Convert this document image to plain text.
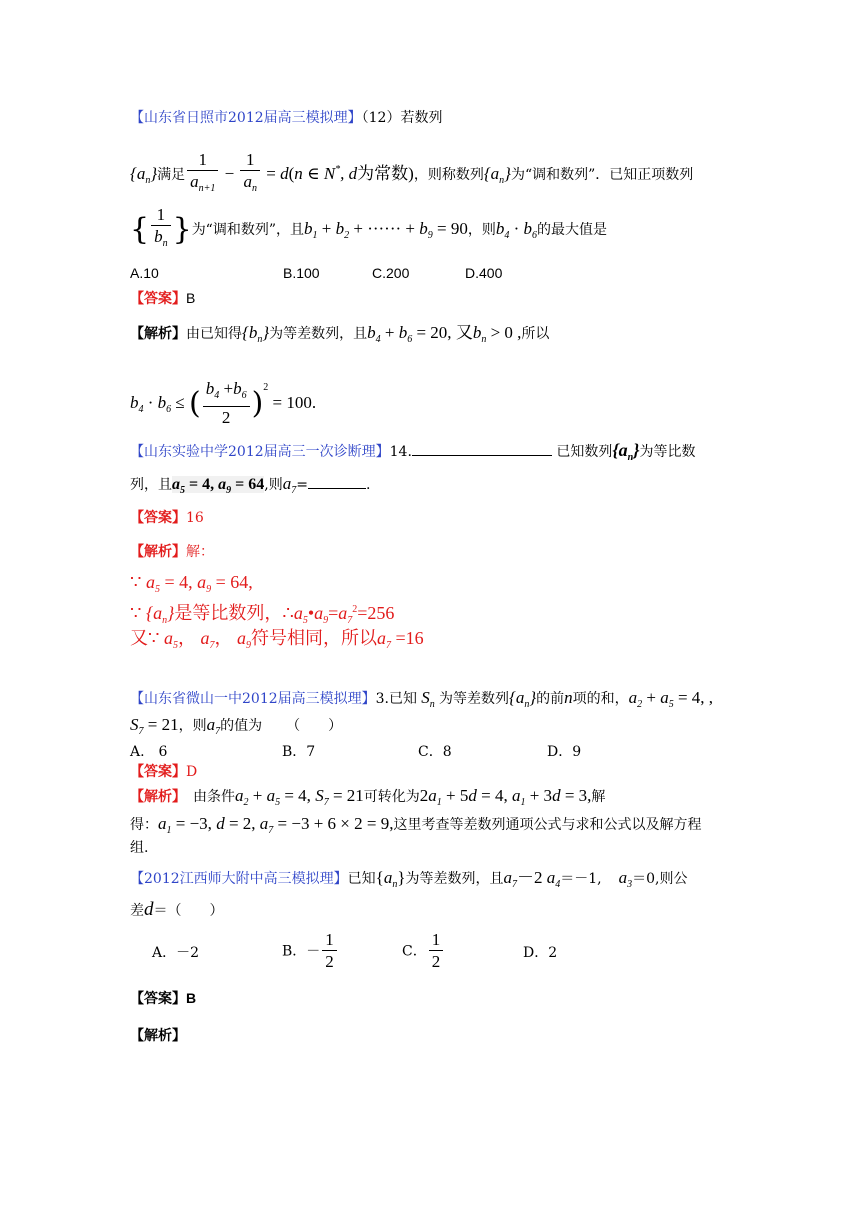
【山东省日照市2012届高三模拟理】（12）若数列
$\{a_n\}$满足 $\frac{1}{a_{n+1}} - \frac{1}{a_n} = d(n$ ∈ N*, d为常数)，则称数列$\{a_n\}$为“调和数列”．已知正项数列
{ $\frac{1}{b_n}$ }为“调和数列”，且$b_1 + b_2$ + ······ + $b_9 = 90$，则$b_4 \cdot b_6$的最大值是
A.10	B.100	C.200	D.400
【答案】B
【解析】由已知得$\{b_n\}$为等差数列，且$b_4 + b_6 = 20$, 又$b_n > 0$ ,所以
$b_4 \cdot b_6$ ≤ ( $\frac{b_4 +b_6}{2} )^2 = 100$.
【山东实验中学2012届高三一次诊断理】14.	已知数列$\{a_n\}$为等比数
列，且$a_5 = 4$, $a_9 = 64$,则$a_7=$	.
【答案】16
【解析】解：
∵ $a_5 = 4$, $a_9 = 64$,
∵ $\{a_n\}$是等比数列，$\therefore a_5•a_9=a_7^2=256$
又∵ $a_5$， $a_7$， $a_9$符号相同，所以$a_7 =16$
【山东省微山一中2012届高三模拟理】3.已知 $S_n$ 为等差数列$\{a_n\}$的前n项的和，$a_2 + a_5 = 4$, ,
$S_7 = 21$，则$a_7$的值为 （　　）
A.　6	B．7	C．8	D．9
【答案】D
【解析】　 由条件$a_2 + a_5 = 4$, $S_7 = 21$可转化为$2a_1 + 5d = 4$, $a_1 + 3d = 3$,解
得：$a_1 = -3$, d = 2, $a_7 = -3 + 6 \times 2 = 9$,这里考查等差数列通项公式与求和公式以及解方程
组.
【2012江西师大附中高三模拟理】已知$\{a_n\}$为等差数列，且$a_7-2$ $a_4=-1$,　 $a_3=0$,则公
差d＝（　　）
A．－2	B．－ $\frac{1}{2}$	C． $\frac{1}{2}$	D．2
【答案】B
【解析】
